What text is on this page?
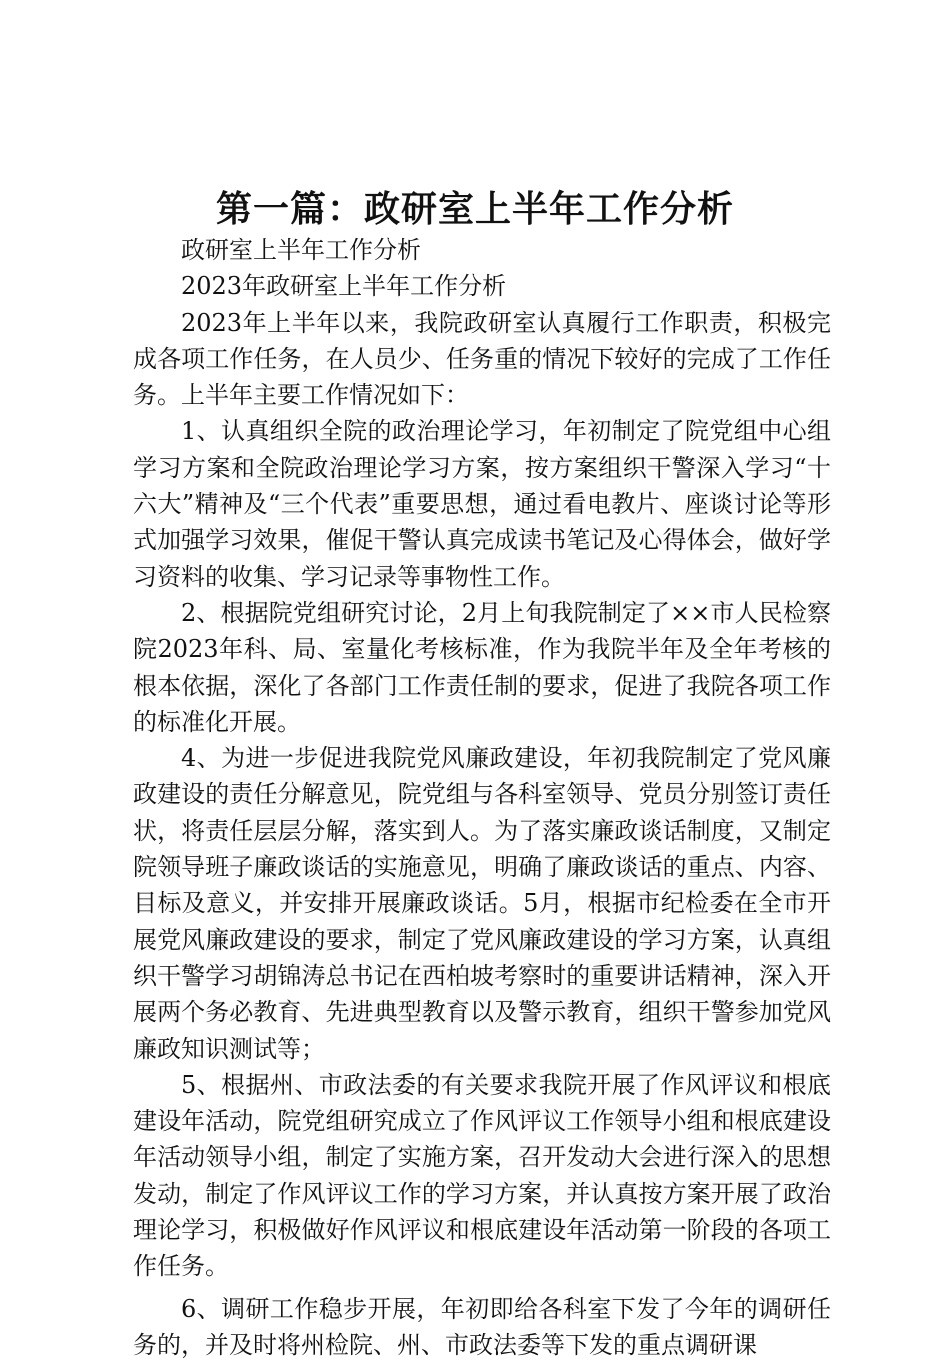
第一篇：政研室上半年工作分析

政研室上半年工作分析

2023年政研室上半年工作分析

2023年上半年以来，我院政研室认真履行工作职责，积极完成各项工作任务，在人员少、任务重的情况下较好的完成了工作任务。上半年主要工作情况如下：

1、认真组织全院的政治理论学习，年初制定了院党组中心组学习方案和全院政治理论学习方案，按方案组织干警深入学习“十六大”精神及“三个代表”重要思想，通过看电教片、座谈讨论等形式加强学习效果，催促干警认真完成读书笔记及心得体会，做好学习资料的收集、学习记录等事物性工作。

2、根据院党组研究讨论，2月上旬我院制定了××市人民检察院2023年科、局、室量化考核标准，作为我院半年及全年考核的根本依据，深化了各部门工作责任制的要求，促进了我院各项工作的标准化开展。

4、为进一步促进我院党风廉政建设，年初我院制定了党风廉政建设的责任分解意见，院党组与各科室领导、党员分别签订责任状，将责任层层分解，落实到人。为了落实廉政谈话制度，又制定院领导班子廉政谈话的实施意见，明确了廉政谈话的重点、内容、目标及意义，并安排开展廉政谈话。5月，根据市纪检委在全市开展党风廉政建设的要求，制定了党风廉政建设的学习方案，认真组织干警学习胡锦涛总书记在西柏坡考察时的重要讲话精神，深入开展两个务必教育、先进典型教育以及警示教育，组织干警参加党风廉政知识测试等；

5、根据州、市政法委的有关要求我院开展了作风评议和根底建设年活动，院党组研究成立了作风评议工作领导小组和根底建设年活动领导小组，制定了实施方案，召开发动大会进行深入的思想发动，制定了作风评议工作的学习方案，并认真按方案开展了政治理论学习，积极做好作风评议和根底建设年活动第一阶段的各项工作任务。

6、调研工作稳步开展，年初即给各科室下发了今年的调研任务的，并及时将州检院、州、市政法委等下发的重点调研课
